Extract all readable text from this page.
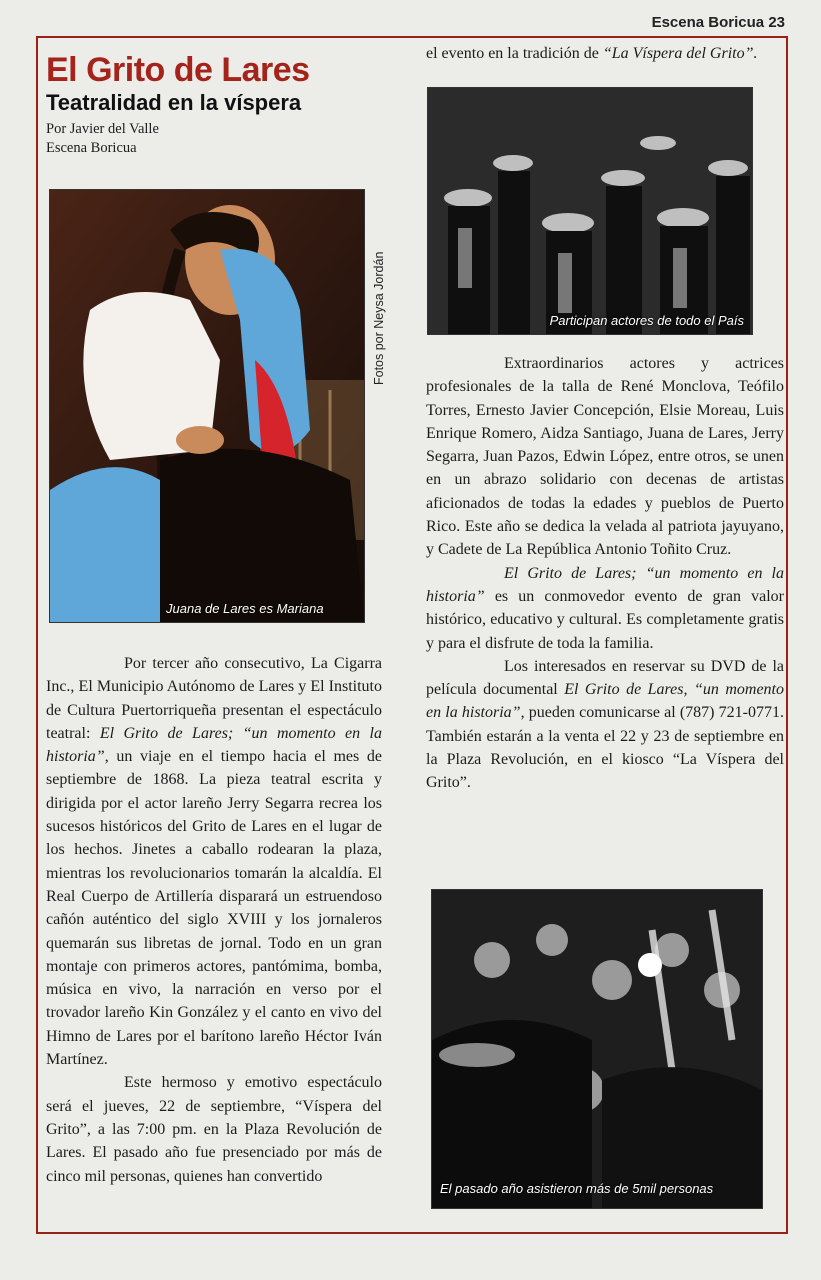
Escena Boricua 23
El Grito de Lares
Teatralidad en la víspera
Por Javier del Valle
Escena Boricua
Juana de Lares es Mariana
Fotos por Neysa Jordán

Por tercer año consecutivo, La Cigarra Inc., El Municipio Autónomo de Lares y El Instituto de Cultura Puertorriqueña presentan el espectáculo teatral: El Grito de Lares; “un momento en la historia”, un viaje en el tiempo hacia el mes de septiembre de 1868. La pieza teatral escrita y dirigida por el actor lareño Jerry Segarra recrea los sucesos históricos del Grito de Lares en el lugar de los hechos. Jinetes a caballo rodearan la plaza, mientras los revolucionarios tomarán la alcaldía. El Real Cuerpo de Artillería disparará un estruendoso cañón auténtico del siglo XVIII y los jornaleros quemarán sus libretas de jornal. Todo en un gran montaje con primeros actores, pantómima, bomba, música en vivo, la narración en verso por el trovador lareño Kin González y el canto en vivo del Himno de Lares por el barítono lareño Héctor Iván Martínez.

Este hermoso y emotivo espectáculo será el jueves, 22 de septiembre, “Víspera del Grito”, a las 7:00 pm. en la Plaza Revolución de Lares. El pasado año fue presenciado por más de cinco mil personas, quienes han convertido

el evento en la tradición de “La Víspera del Grito”.

Participan actores de todo el País

Extraordinarios actores y actrices profesionales de la talla de René Monclova, Teófilo Torres, Ernesto Javier Concepción, Elsie Moreau, Luis Enrique Romero, Aidza Santiago, Juana de Lares, Jerry Segarra, Juan Pazos, Edwin López, entre otros, se unen en un abrazo solidario con decenas de artistas aficionados de todas la edades y pueblos de Puerto Rico. Este año se dedica la velada al patriota jayuyano, y Cadete de La República Antonio Toñito Cruz.

El Grito de Lares; “un momento en la historia” es un conmovedor evento de gran valor histórico, educativo y cultural. Es completamente gratis y para el disfrute de toda la familia.

Los interesados en reservar su DVD de la película documental El Grito de Lares, “un momento en la historia”, pueden comunicarse al (787) 721-0771. También estarán a la venta el 22 y 23 de septiembre en la Plaza Revolución, en el kiosco “La Víspera del Grito”.

El pasado año asistieron más de 5mil personas
